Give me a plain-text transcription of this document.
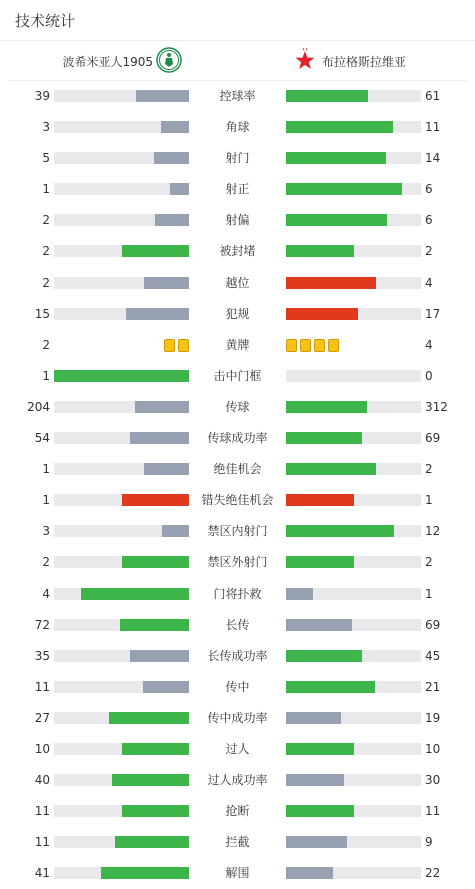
技术统计
波希米亚人1905	布拉格斯拉维亚
39	控球率	61
3	角球	11
5	射门	14
1	射正	6
2	射偏	6
2	被封堵	2
2	越位	4
15	犯规	17
2	黄牌	4
1	击中门框	0
204	传球	312
54	传球成功率	69
1	绝佳机会	2
1	错失绝佳机会	1
3	禁区内射门	12
2	禁区外射门	2
4	门将扑救	1
72	长传	69
35	长传成功率	45
11	传中	21
27	传中成功率	19
10	过人	10
40	过人成功率	30
11	抢断	11
11	拦截	9
41	解围	22
